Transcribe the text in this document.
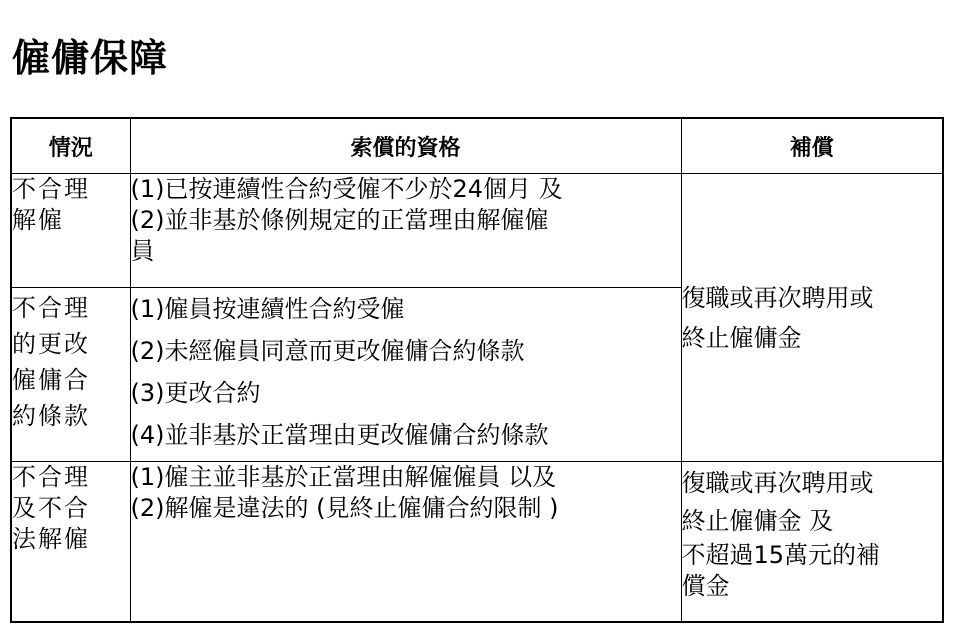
僱傭保障
情況	索償的資格	補償

不合理
解僱	(1)已按連續性合約受僱不少於24個月 及
(2)並非基於條例規定的正當理由解僱僱
員	復職或再次聘用或
終止僱傭金

不合理
的更改
僱傭合
約條款	(1)僱員按連續性合約受僱
(2)未經僱員同意而更改僱傭合約條款
(3)更改合約
(4)並非基於正當理由更改僱傭合約條款	

不合理
及不合
法解僱	(1)僱主並非基於正當理由解僱僱員 以及
(2)解僱是違法的 (見終止僱傭合約限制 )	復職或再次聘用或
終止僱傭金 及
不超過15萬元的補
償金
